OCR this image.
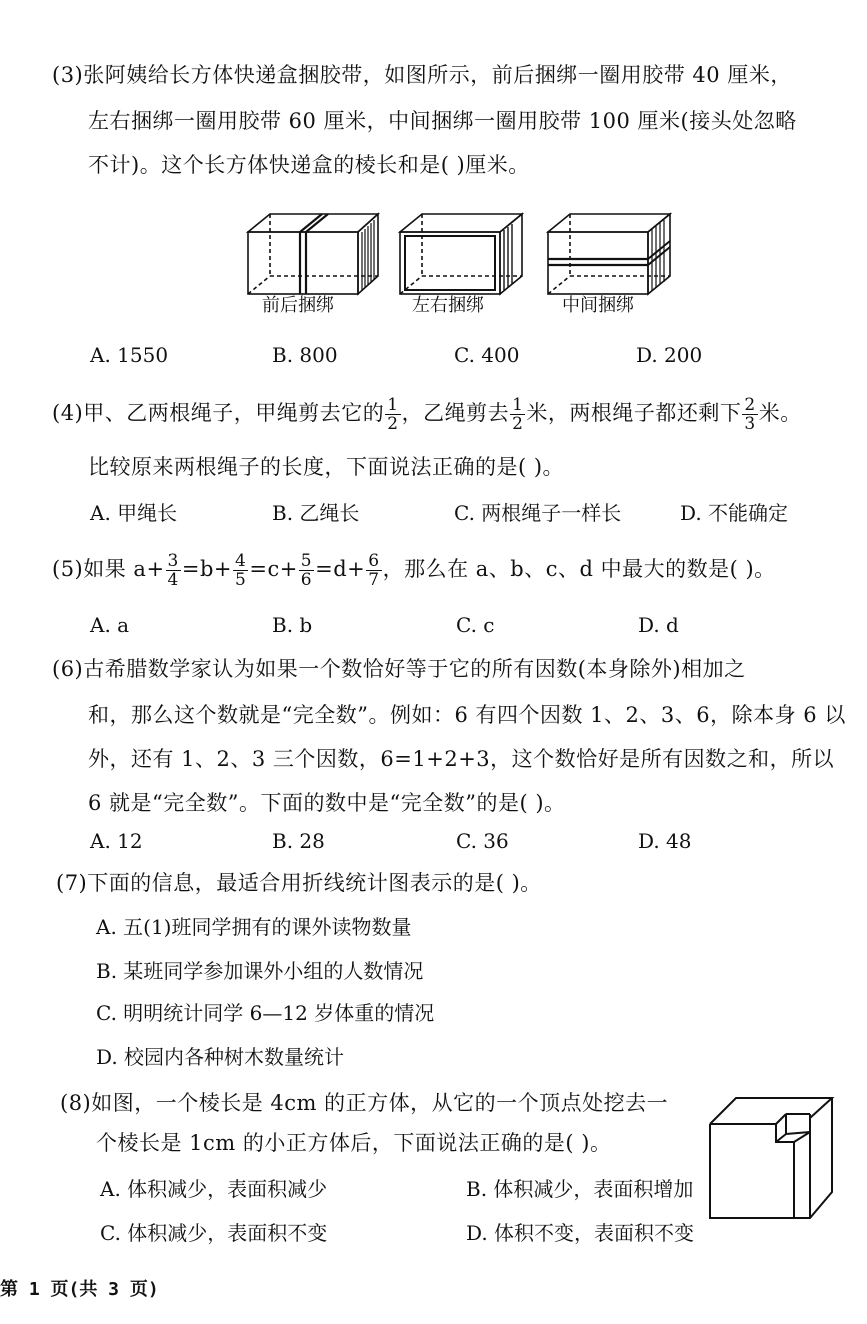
(3)张阿姨给长方体快递盒捆胶带，如图所示，前后捆绑一圈用胶带 40 厘米，
左右捆绑一圈用胶带 60 厘米，中间捆绑一圈用胶带 100 厘米(接头处忽略
不计)。这个长方体快递盒的棱长和是( )厘米。
前后捆绑	左右捆绑	中间捆绑
A. 1550	B. 800	C. 400	D. 200
(4)甲、乙两根绳子，甲绳剪去它的 $\frac{1}{2}$ ，乙绳剪去 $\frac{1}{2}$ 米，两根绳子都还剩下 $\frac{2}{3}$ 米。
比较原来两根绳子的长度，下面说法正确的是( )。
A. 甲绳长	B. 乙绳长	C. 两根绳子一样长	D. 不能确定
(5)如果 $a+ \frac{3}{4} =b+ \frac{4}{5} =c+ \frac{5}{6} =d+ \frac{6}{7}$ ，那么在 a、b、c、d 中最大的数是( )。
A. a	B. b	C. c	D. d
(6)古希腊数学家认为如果一个数恰好等于它的所有因数(本身除外)相加之
和，那么这个数就是“完全数”。例如：6 有四个因数 1、2、3、6，除本身 6 以
外，还有 1、2、3 三个因数，6=1+2+3，这个数恰好是所有因数之和，所以
6 就是“完全数”。下面的数中是“完全数”的是( )。
A. 12	B. 28	C. 36	D. 48
(7)下面的信息，最适合用折线统计图表示的是( )。
A. 五(1)班同学拥有的课外读物数量
B. 某班同学参加课外小组的人数情况
C. 明明统计同学 6—12 岁体重的情况
D. 校园内各种树木数量统计
(8)如图，一个棱长是 4cm 的正方体，从它的一个顶点处挖去一
个棱长是 1cm 的小正方体后，下面说法正确的是( )。
A. 体积减少，表面积减少	B. 体积减少，表面积增加
C. 体积减少，表面积不变	D. 体积不变，表面积不变
第 1 页(共 3 页)
